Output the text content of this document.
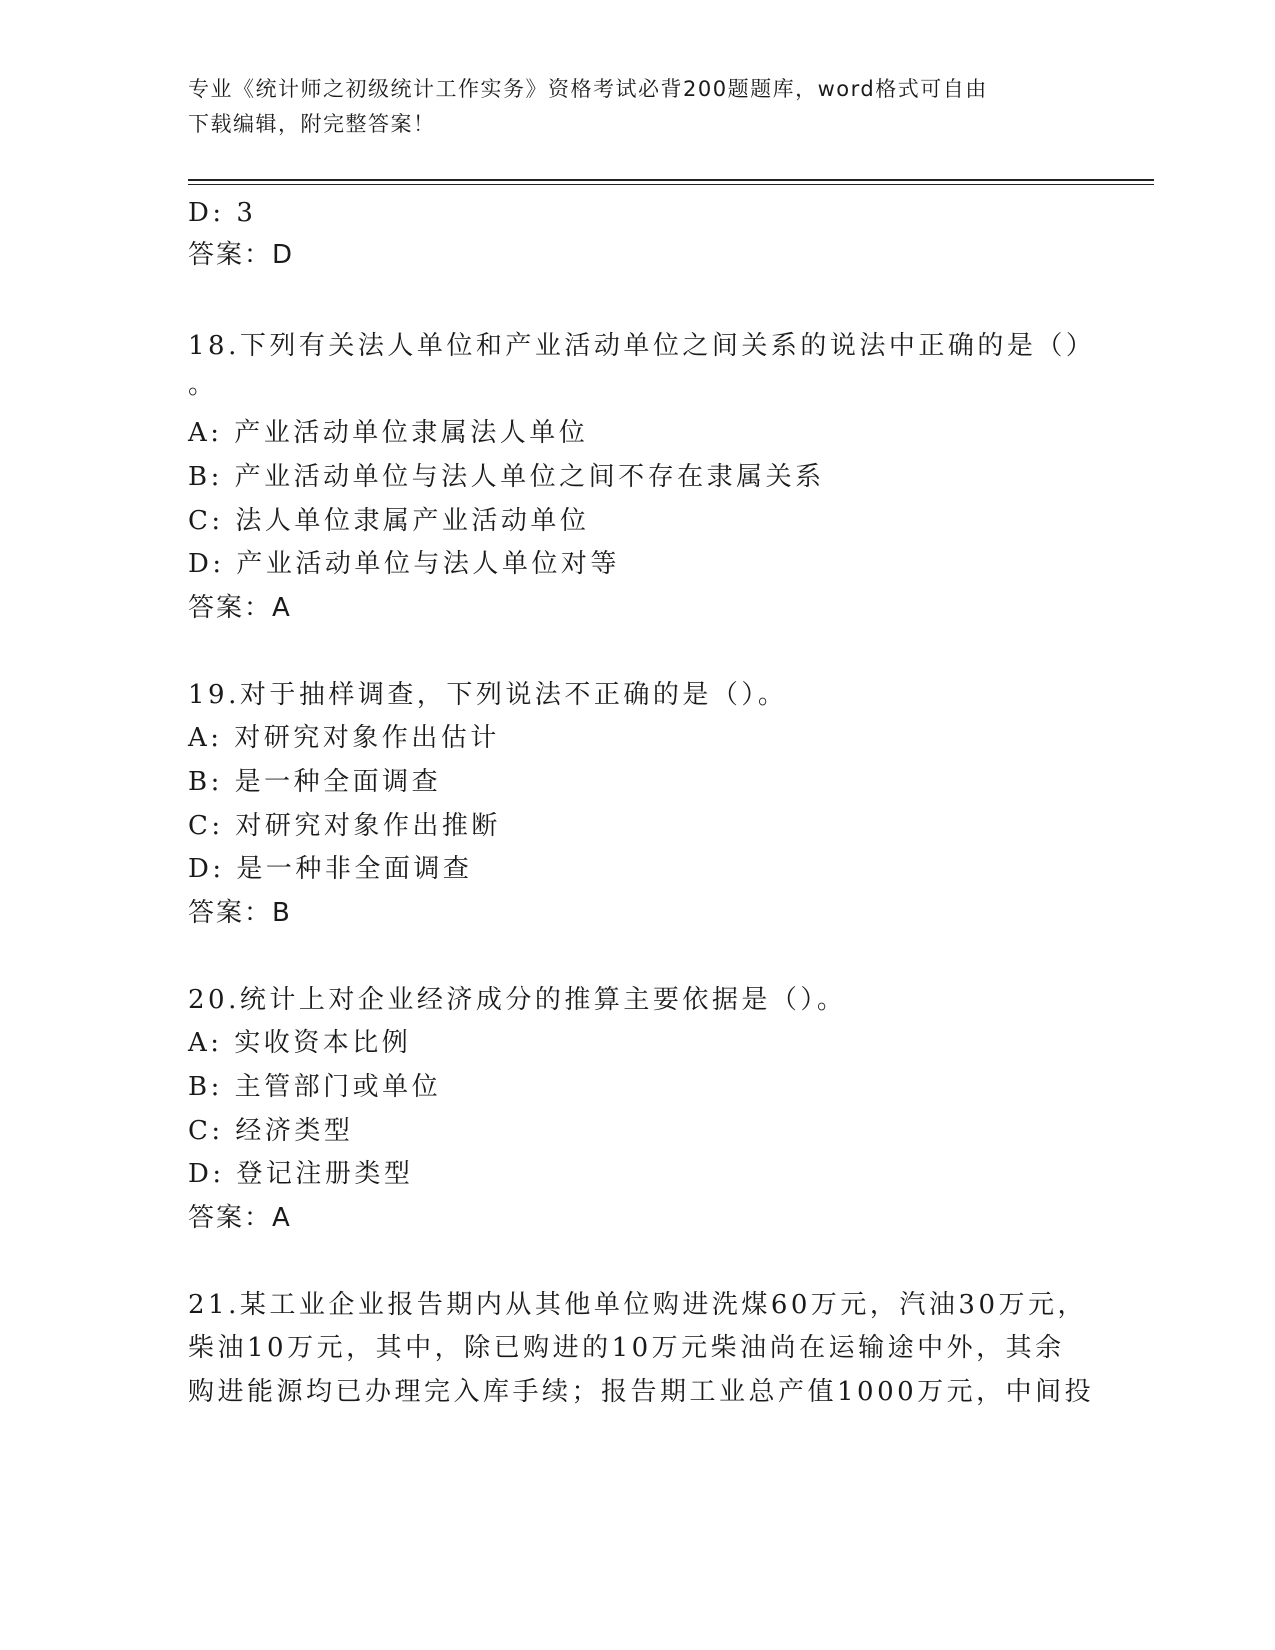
专业《统计师之初级统计工作实务》资格考试必背200题题库，word格式可自由
下载编辑，附完整答案！
D: 3
答案：D
18.下列有关法人单位和产业活动单位之间关系的说法中正确的是（）
。
A: 产业活动单位隶属法人单位
B: 产业活动单位与法人单位之间不存在隶属关系
C: 法人单位隶属产业活动单位
D: 产业活动单位与法人单位对等
答案：A
19.对于抽样调查，下列说法不正确的是（）。
A: 对研究对象作出估计
B: 是一种全面调查
C: 对研究对象作出推断
D: 是一种非全面调查
答案：B
20.统计上对企业经济成分的推算主要依据是（）。
A: 实收资本比例
B: 主管部门或单位
C: 经济类型
D: 登记注册类型
答案：A
21.某工业企业报告期内从其他单位购进洗煤60万元，汽油30万元，
柴油10万元，其中，除已购进的10万元柴油尚在运输途中外，其余
购进能源均已办理完入库手续；报告期工业总产值1000万元，中间投
